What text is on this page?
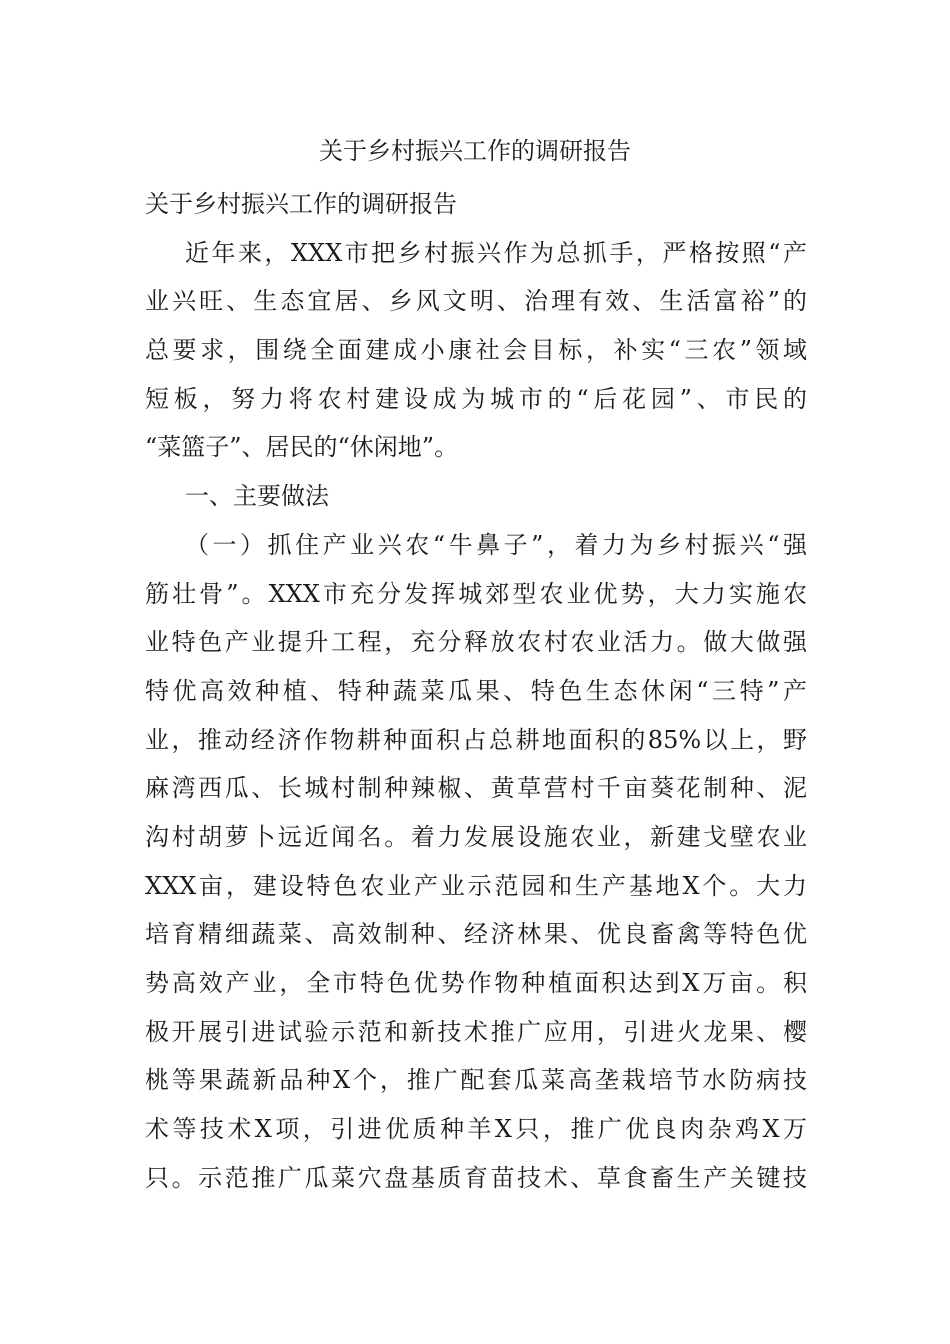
关于乡村振兴工作的调研报告
关于乡村振兴工作的调研报告
近年来，XXX市把乡村振兴作为总抓手，严格按照“产
业兴旺、生态宜居、乡风文明、治理有效、生活富裕”的
总要求，围绕全面建成小康社会目标，补实“三农”领域
短板，努力将农村建设成为城市的“后花园”、市民的
“菜篮子”、居民的“休闲地”。
一、主要做法
（一）抓住产业兴农“牛鼻子”，着力为乡村振兴“强
筋壮骨”。XXX市充分发挥城郊型农业优势，大力实施农
业特色产业提升工程，充分释放农村农业活力。做大做强
特优高效种植、特种蔬菜瓜果、特色生态休闲“三特”产
业，推动经济作物耕种面积占总耕地面积的85%以上，野
麻湾西瓜、长城村制种辣椒、黄草营村千亩葵花制种、泥
沟村胡萝卜远近闻名。着力发展设施农业，新建戈壁农业
XXX亩，建设特色农业产业示范园和生产基地X个。大力
培育精细蔬菜、高效制种、经济林果、优良畜禽等特色优
势高效产业，全市特色优势作物种植面积达到X万亩。积
极开展引进试验示范和新技术推广应用，引进火龙果、樱
桃等果蔬新品种X个，推广配套瓜菜高垄栽培节水防病技
术等技术X项，引进优质种羊X只，推广优良肉杂鸡X万
只。示范推广瓜菜穴盘基质育苗技术、草食畜生产关键技
